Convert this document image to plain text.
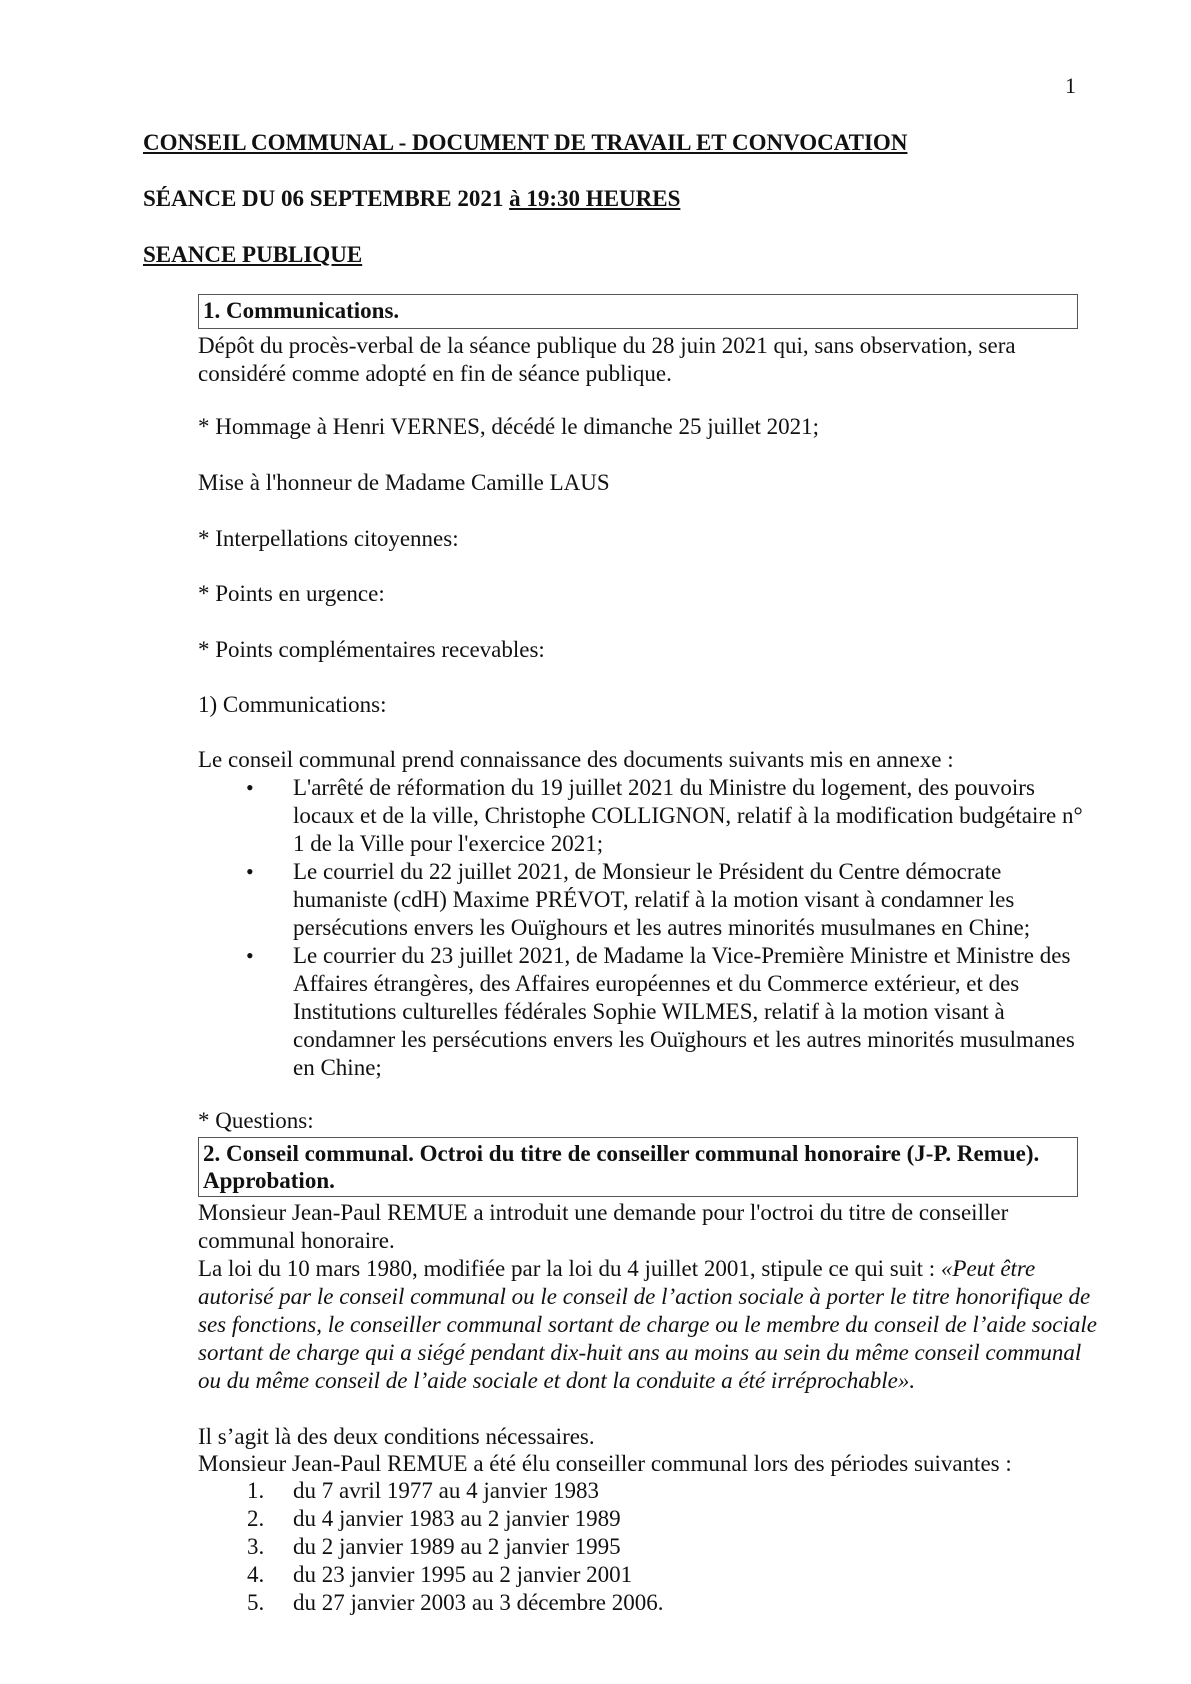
1
CONSEIL COMMUNAL - DOCUMENT DE TRAVAIL ET CONVOCATION
SÉANCE DU 06 SEPTEMBRE 2021 à 19:30 HEURES
SEANCE PUBLIQUE
1. Communications.
Dépôt du procès-verbal de la séance publique du 28 juin 2021 qui, sans observation, sera considéré comme adopté en fin de séance publique.
* Hommage à Henri VERNES, décédé le dimanche 25 juillet 2021;
Mise à l'honneur de Madame Camille LAUS
* Interpellations citoyennes:
* Points en urgence:
* Points complémentaires recevables:
1) Communications:
Le conseil communal prend connaissance des documents suivants mis en annexe :
• L'arrêté de réformation du 19 juillet 2021 du Ministre du logement, des pouvoirs locaux et de la ville, Christophe COLLIGNON, relatif à la modification budgétaire n° 1 de la Ville pour l'exercice 2021;
• Le courriel du 22 juillet 2021, de Monsieur le Président du Centre démocrate humaniste (cdH) Maxime PRÉVOT, relatif à la motion visant à condamner les persécutions envers les Ouïghours et les autres minorités musulmanes en Chine;
• Le courrier du 23 juillet 2021, de Madame la Vice-Première Ministre et Ministre des Affaires étrangères, des Affaires européennes et du Commerce extérieur, et des Institutions culturelles fédérales Sophie WILMES, relatif à la motion visant à condamner les persécutions envers les Ouïghours et les autres minorités musulmanes en Chine;
* Questions:
2. Conseil communal. Octroi du titre de conseiller communal honoraire (J-P. Remue). Approbation.
Monsieur Jean-Paul REMUE a introduit une demande pour l'octroi du titre de conseiller communal honoraire.
La loi du 10 mars 1980, modifiée par la loi du 4 juillet 2001, stipule ce qui suit : «Peut être autorisé par le conseil communal ou le conseil de l’action sociale à porter le titre honorifique de ses fonctions, le conseiller communal sortant de charge ou le membre du conseil de l’aide sociale sortant de charge qui a siégé pendant dix-huit ans au moins au sein du même conseil communal ou du même conseil de l’aide sociale et dont la conduite a été irréprochable».
Il s’agit là des deux conditions nécessaires.
Monsieur Jean-Paul REMUE a été élu conseiller communal lors des périodes suivantes :
1. du 7 avril 1977 au 4 janvier 1983
2. du 4 janvier 1983 au 2 janvier 1989
3. du 2 janvier 1989 au 2 janvier 1995
4. du 23 janvier 1995 au 2 janvier 2001
5. du 27 janvier 2003 au 3 décembre 2006.
